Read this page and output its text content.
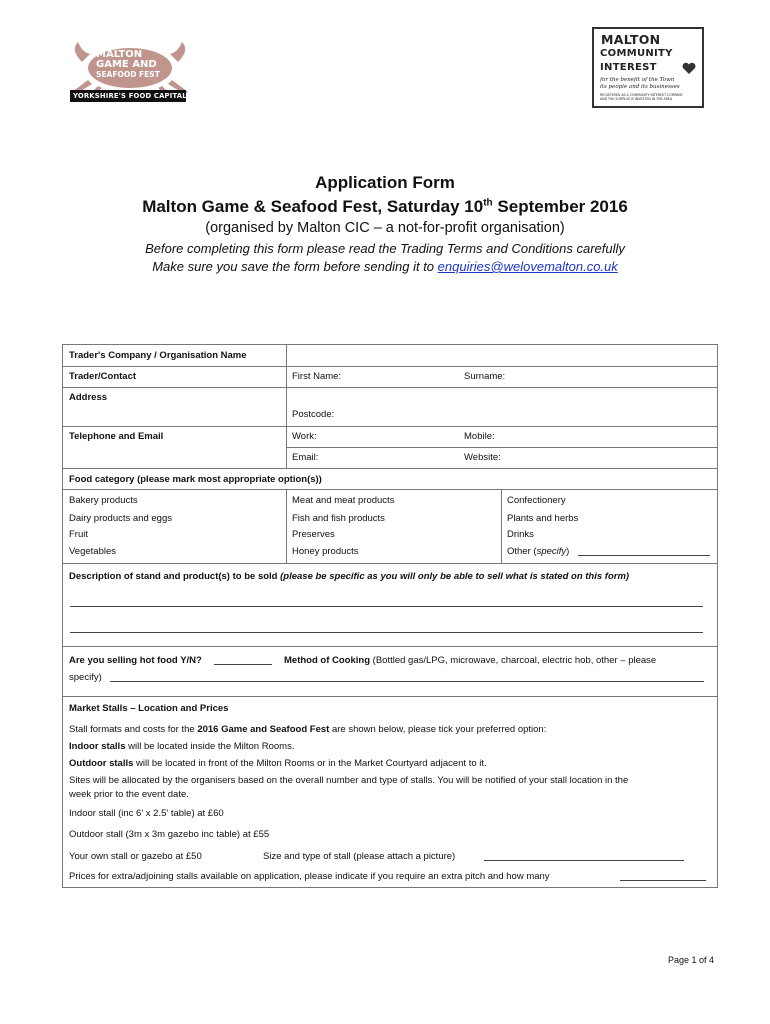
MALTON
GAME AND
SEAFOOD FEST
YORKSHIRE'S FOOD CAPITAL
MALTON
COMMUNITY
INTEREST
for the benefit of the Town
its people and its businesses
REGISTERED AS A COMMUNITY INTEREST COMPANY
AND THE SURPLUS IS INVESTED IN THE AREA
Application Form
Malton Game & Seafood Fest, Saturday 10th September 2016
(organised by Malton CIC – a not-for-profit organisation)
Before completing this form please read the Trading Terms and Conditions carefully
Make sure you save the form before sending it to enquiries@welovemalton.co.uk
Trader's Company / Organisation Name
Trader/Contact	First Name:	Surname:
Address
Postcode:
Telephone and Email	Work:	Mobile:
Email:	Website:
Food category (please mark most appropriate option(s))
Bakery products	Meat and meat products	Confectionery
Dairy products and eggs	Fish and fish products	Plants and herbs
Fruit	Preserves	Drinks
Vegetables	Honey products	Other (specify)
Description of stand and product(s) to be sold (please be specific as you will only be able to sell what is stated on this form)
Are you selling hot food Y/N?	Method of Cooking (Bottled gas/LPG, microwave, charcoal, electric hob, other – please
specify)
Market Stalls – Location and Prices
Stall formats and costs for the 2016 Game and Seafood Fest are shown below, please tick your preferred option:
Indoor stalls will be located inside the Milton Rooms.
Outdoor stalls will be located in front of the Milton Rooms or in the Market Courtyard adjacent to it.
Sites will be allocated by the organisers based on the overall number and type of stalls. You will be notified of your stall location in the
week prior to the event date.
Indoor stall (inc 6' x 2.5' table) at £60
Outdoor stall (3m x 3m gazebo inc table) at £55
Your own stall or gazebo at £50	Size and type of stall (please attach a picture)
Prices for extra/adjoining stalls available on application, please indicate if you require an extra pitch and how many
Page 1 of 4
